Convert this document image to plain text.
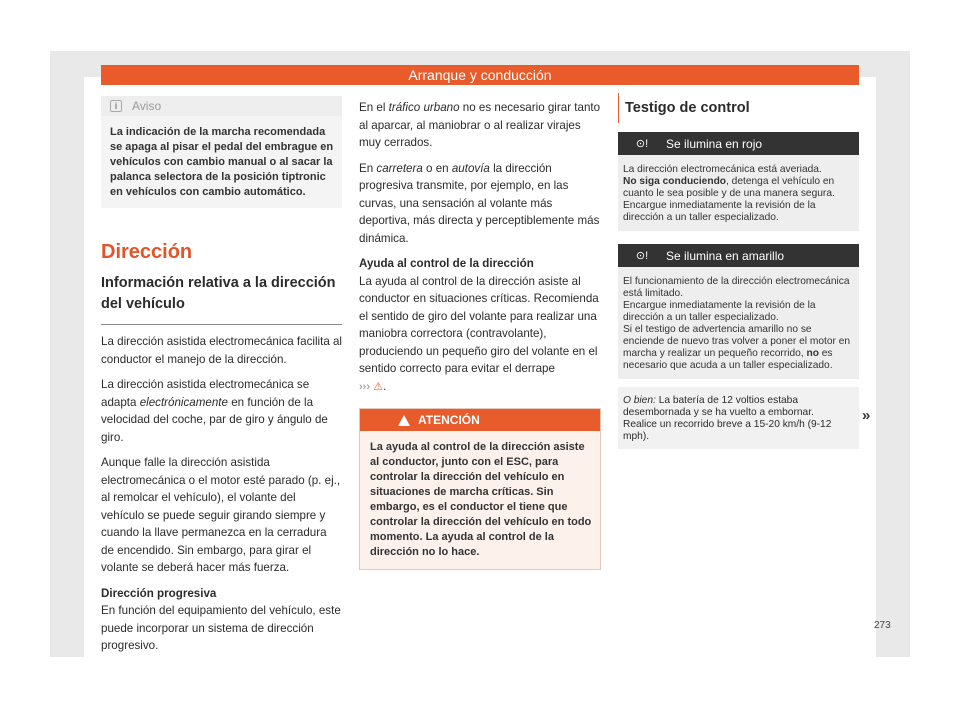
Arranque y conducción
i	Aviso
La indicación de la marcha recomendada se apaga al pisar el pedal del embrague en vehículos con cambio manual o al sacar la palanca selectora de la posición tiptronic en vehículos con cambio automático.
Dirección
Información relativa a la dirección del vehículo

La dirección asistida electromecánica facilita al conductor el manejo de la dirección.

La dirección asistida electromecánica se adapta electrónicamente en función de la velocidad del coche, par de giro y ángulo de giro.

Aunque falle la dirección asistida electromecánica o el motor esté parado (p. ej., al remolcar el vehículo), el volante del vehículo se puede seguir girando siempre y cuando la llave permanezca en la cerradura de encendido. Sin embargo, para girar el volante se deberá hacer más fuerza.

Dirección progresiva

En función del equipamiento del vehículo, este puede incorporar un sistema de dirección progresivo.

En el tráfico urbano no es necesario girar tanto al aparcar, al maniobrar o al realizar virajes muy cerrados.

En carretera o en autovía la dirección progresiva transmite, por ejemplo, en las curvas, una sensación al volante más deportiva, más directa y perceptiblemente más dinámica.

Ayuda al control de la dirección

La ayuda al control de la dirección asiste al conductor en situaciones críticas. Recomienda el sentido de giro del volante para realizar una maniobra correctora (contravolante), produciendo un pequeño giro del volante en el sentido correcto para evitar el derrape
››› ⚠.

ATENCIÓN
La ayuda al control de la dirección asiste al conductor, junto con el ESC, para controlar la dirección del vehículo en situaciones de marcha críticas. Sin embargo, es el conductor el tiene que controlar la dirección del vehículo en todo momento. La ayuda al control de la dirección no lo hace.
Testigo de control
⊙!	Se ilumina en rojo
La dirección electromecánica está averiada.
No siga conduciendo, detenga el vehículo en cuanto le sea posible y de una manera segura.
Encargue inmediatamente la revisión de la dirección a un taller especializado.
⊙!	Se ilumina en amarillo
El funcionamiento de la dirección electromecánica está limitado.
Encargue inmediatamente la revisión de la dirección a un taller especializado.
Si el testigo de advertencia amarillo no se enciende de nuevo tras volver a poner el motor en marcha y realizar un pequeño recorrido, no es necesario que acuda a un taller especializado.
O bien: La batería de 12 voltios estaba desembornada y se ha vuelto a embornar.
Realice un recorrido breve a 15-20 km/h (9-12 mph).
»
273
